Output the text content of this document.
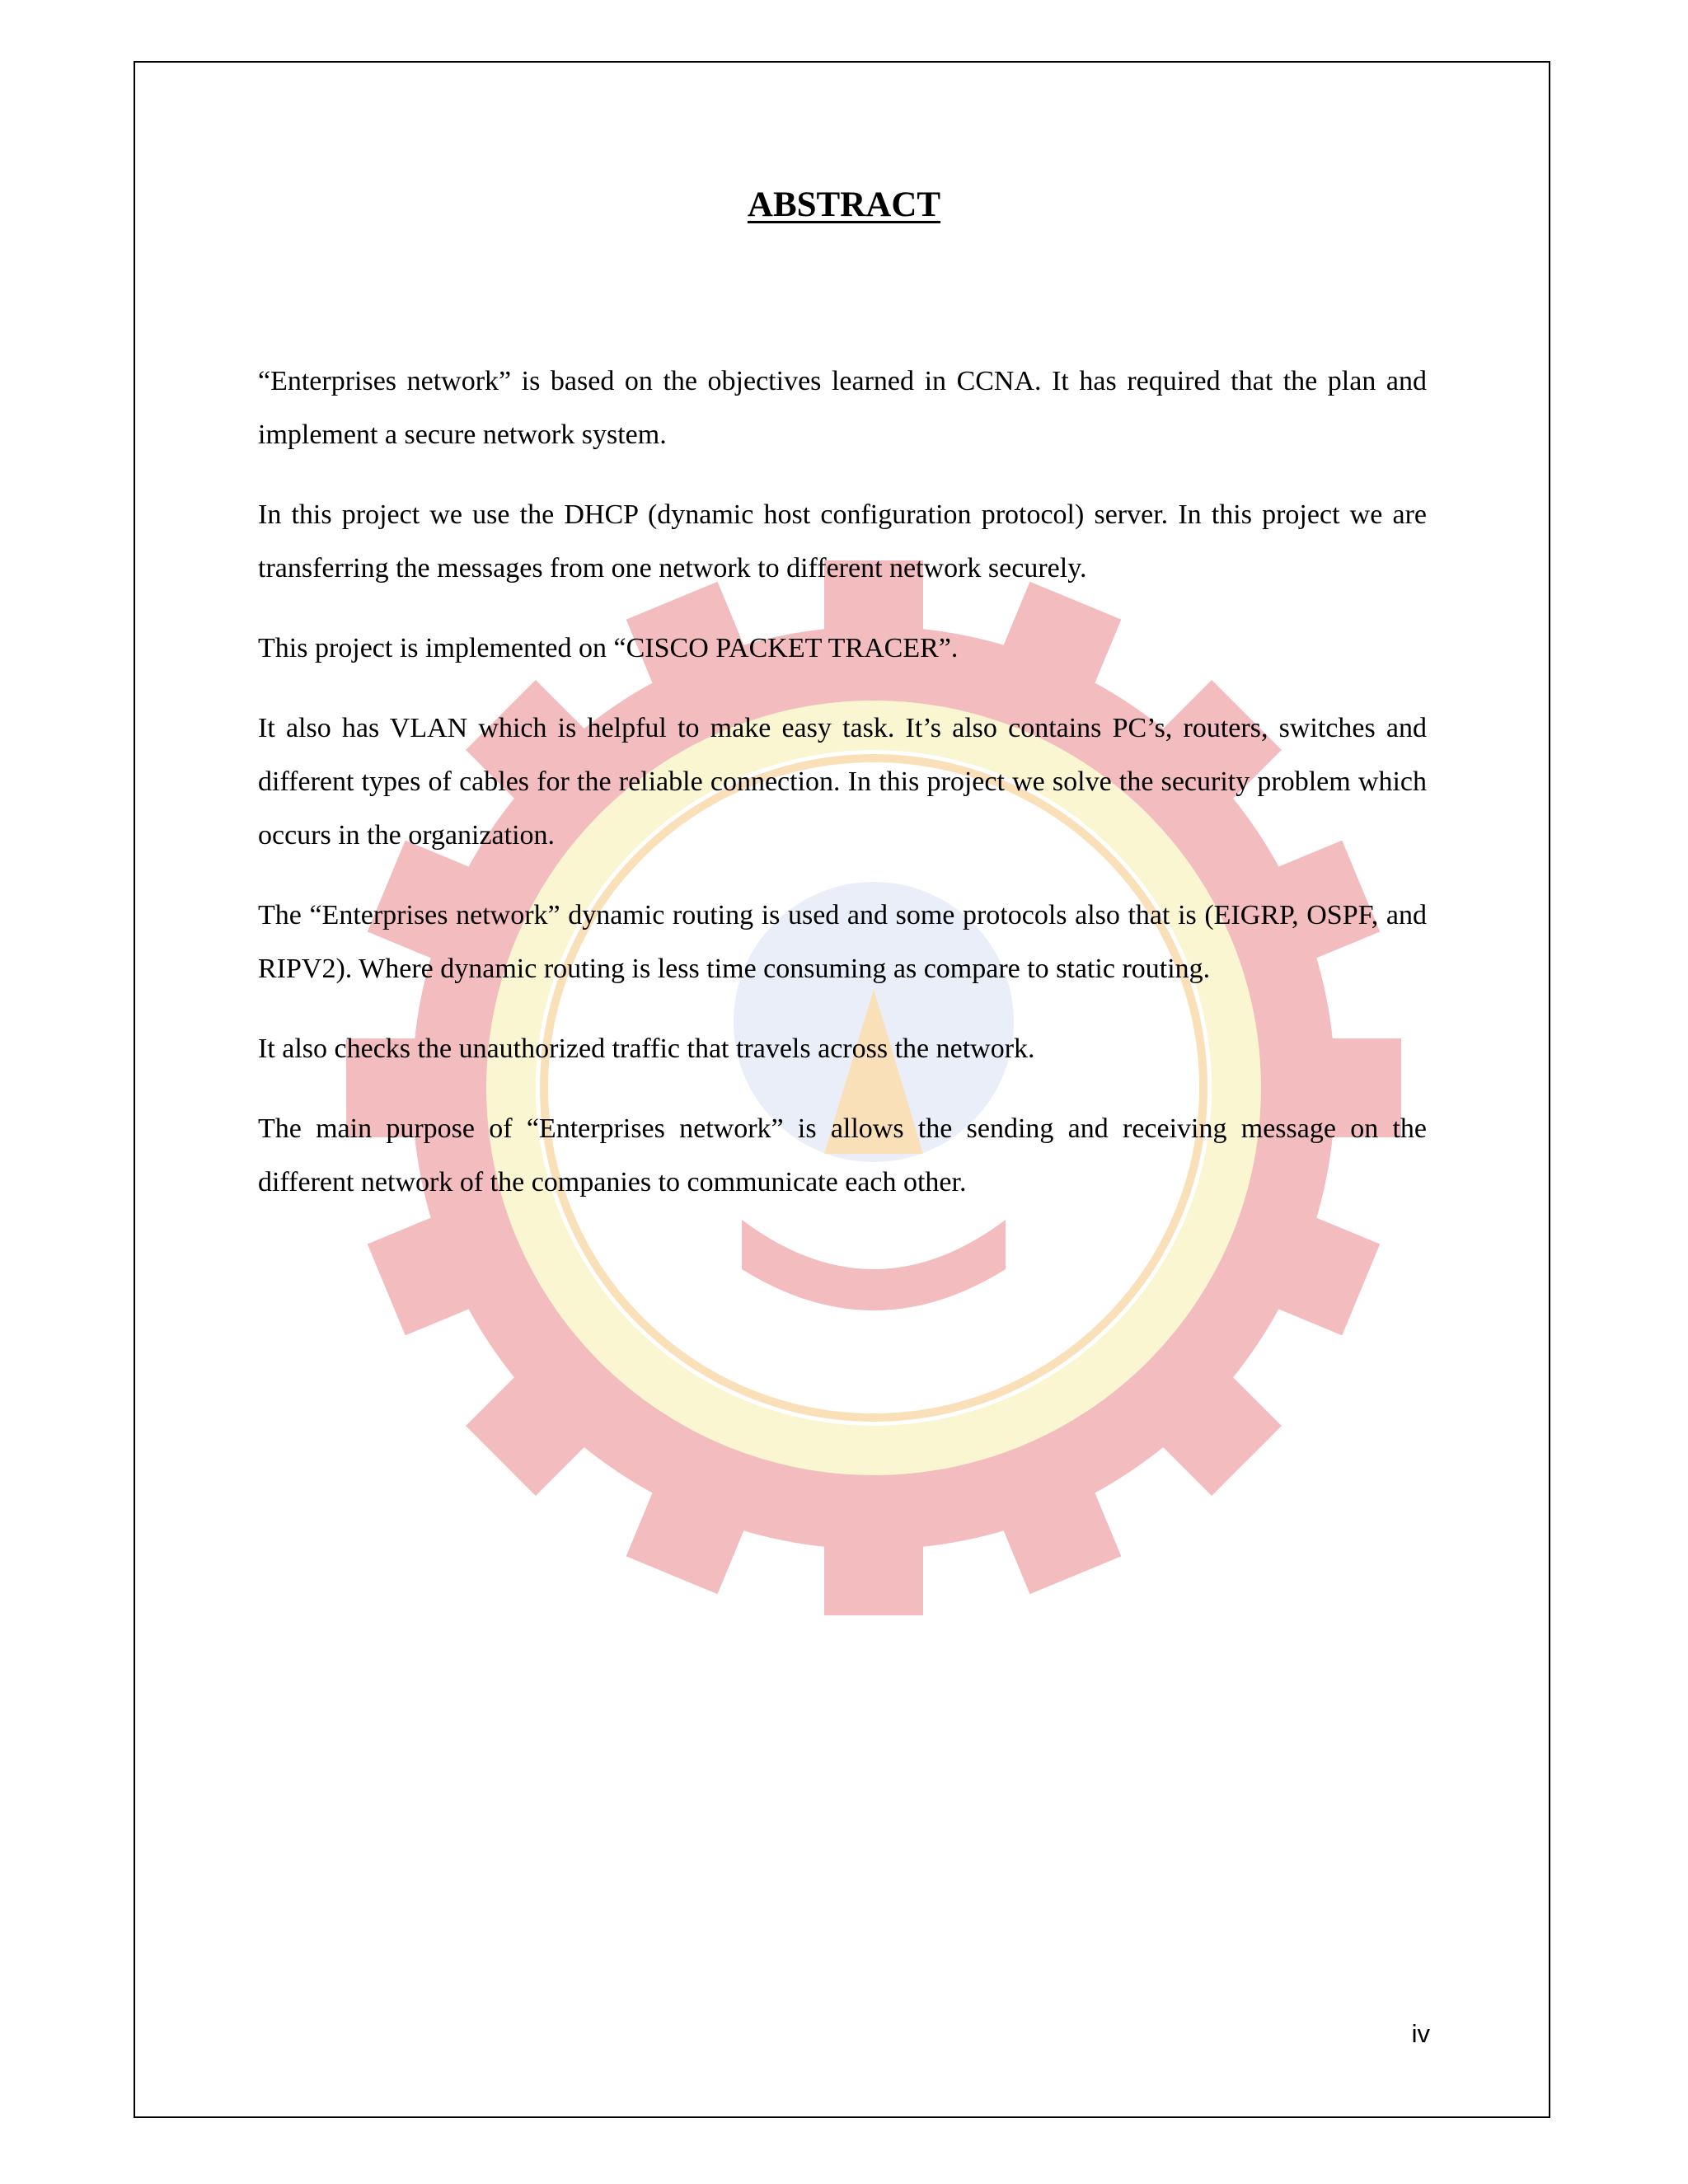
ABSTRACT

“Enterprises network” is based on the objectives learned in CCNA. It has required that the plan and implement a secure network system.

In this project we use the DHCP (dynamic host configuration protocol) server. In this project we are transferring the messages from one network to different network securely.

This project is implemented on “CISCO PACKET TRACER”.

It also has VLAN which is helpful to make easy task. It’s also contains PC’s, routers, switches and different types of cables for the reliable connection. In this project we solve the security problem which occurs in the organization.

The “Enterprises network” dynamic routing is used and some protocols also that is (EIGRP, OSPF, and RIPV2). Where dynamic routing is less time consuming as compare to static routing.

It also checks the unauthorized traffic that travels across the network.

The main purpose of “Enterprises network” is allows the sending and receiving message on the different network of the companies to communicate each other.

iv
